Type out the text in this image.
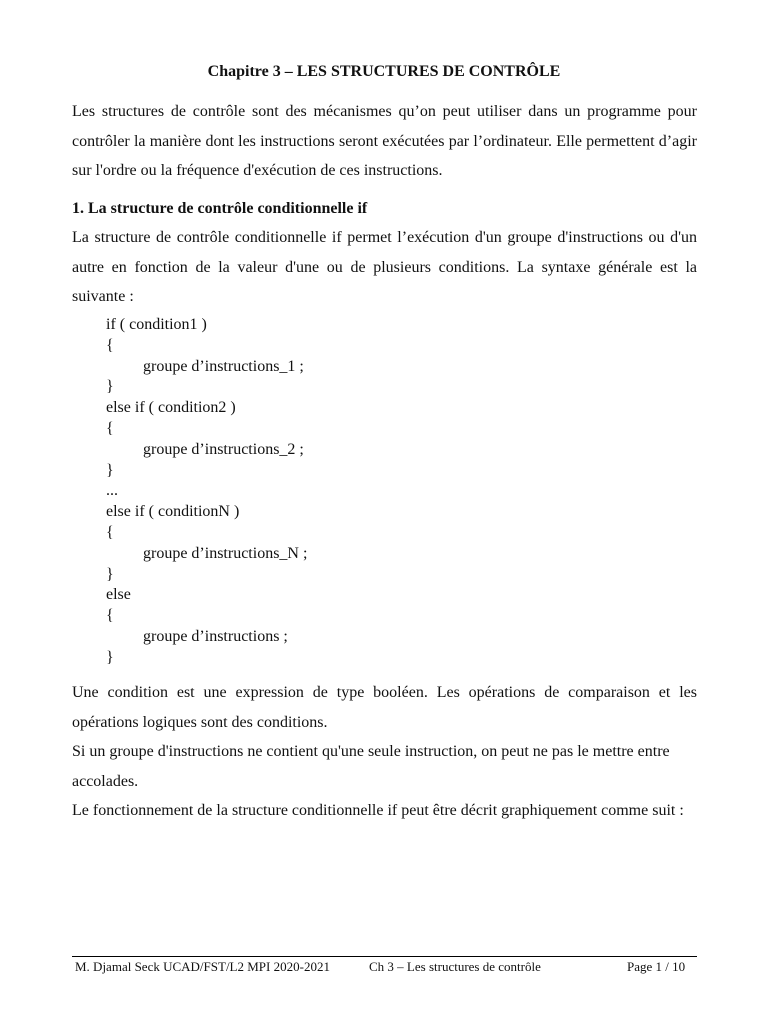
Chapitre 3 – LES STRUCTURES DE CONTRÔLE
Les structures de contrôle sont des mécanismes qu’on peut utiliser dans un programme pour contrôler la manière dont les instructions seront exécutées par l’ordinateur. Elle permettent d’agir sur l'ordre ou la fréquence d'exécution de ces instructions.
1. La structure de contrôle conditionnelle if
La structure de contrôle conditionnelle if permet l’exécution d'un groupe d'instructions ou d'un autre en fonction de la valeur d'une ou de plusieurs conditions. La syntaxe générale est la suivante :
if ( condition1 )
{
groupe d’instructions_1 ;
}
else if ( condition2 )
{
groupe d’instructions_2 ;
}
...
else if ( conditionN )
{
groupe d’instructions_N ;
}
else
{
groupe d’instructions ;
}
Une condition est une expression de type booléen. Les opérations de comparaison et les opérations logiques sont des conditions.
Si un groupe d'instructions ne contient qu'une seule instruction, on peut ne pas le mettre entre accolades.
Le fonctionnement de la structure conditionnelle if peut être décrit graphiquement comme suit :
M. Djamal Seck UCAD/FST/L2 MPI 2020-2021	Ch 3 – Les structures de contrôle	Page 1 / 10
